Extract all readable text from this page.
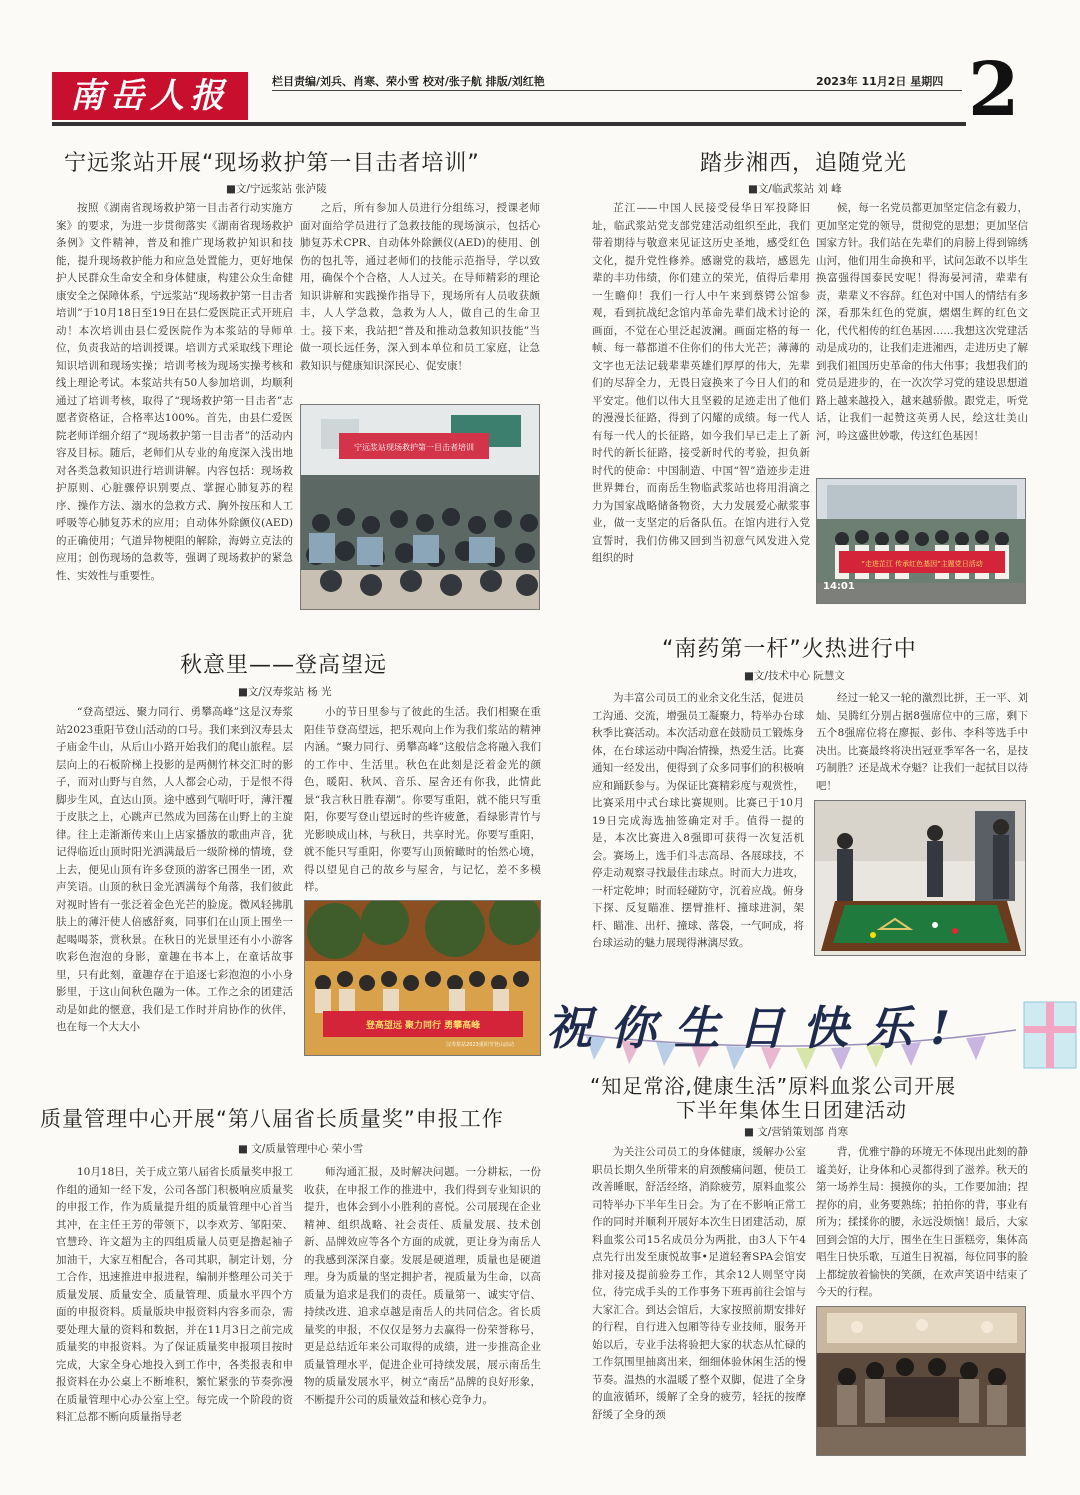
南岳人报	栏目责编/刘兵、肖寒、荣小雪 校对/张子航 排版/刘红艳	2023年 11月2日 星期四 2
宁远浆站开展“现场救护第一目击者培训”
■文/宁远浆站 张泸陵
按照《湖南省现场救护第一目击者行动实施方案》的要求，为进一步贯彻落实《湖南省现场救护条例》文件精神，普及和推广现场救护知识和技能，提升现场救护能力和应急处置能力，更好地保护人民群众生命安全和身体健康，构建公众生命健康安全之保障体系，宁远浆站“现场救护第一目击者培训”于10月18日至19日在县仁爱医院正式开班启动！本次培训由县仁爱医院作为本浆站的导师单位，负责我站的培训授课。培训方式采取线下理论知识培训和现场实操；培训考核为现场实操考核和线上理论考试。本浆站共有50人参加培训，均顺利通过了培训考核，取得了“现场救护第一目击者”志愿者资格证，合格率达100%。首先，由县仁爱医院老师详细介绍了“现场救护第一目击者”的活动内容及目标。随后，老师们从专业的角度深入浅出地对各类急救知识进行培训讲解。内容包括：现场救护原则、心脏骤停识别要点、掌握心肺复苏的程序、操作方法、溺水的急救方式、胸外按压和人工呼吸等心肺复苏术的应用；自动体外除颤仪(AED)的正确使用；气道异物梗阻的解除，海姆立克法的应用；创伤现场的急救等，强调了现场救护的紧急性、实效性与重要性。
之后，所有参加人员进行分组练习，授课老师面对面给学员进行了急救技能的现场演示，包括心肺复苏术CPR、自动体外除颤仪(AED)的使用、创伤的包扎等，通过老师们的技能示范指导，学以致用，确保个个合格，人人过关。在导师精彩的理论知识讲解和实践操作指导下，现场所有人员收获颇丰，人人学急救，急救为人人，做自己的生命卫士。接下来，我站把“普及和推动急救知识技能”当做一项长远任务，深入到本单位和员工家庭，让急救知识与健康知识深民心、促安康！
宁远浆站现场救护第一目击者培训
踏步湘西，追随党光
■文/临武浆站 刘 峰
芷江——中国人民接受侵华日军投降旧址，临武浆站党支部党建活动组织至此，我们带着期待与敬意来见证这历史圣地，感受红色文化，提升党性修养。感谢党的栽培，感恩先辈的丰功伟绩，你们建立的荣光，值得后辈用一生瞻仰！我们一行人中午来到蔡锷公馆参观，看到抗战纪念馆内革命先辈们战术讨论的画面，不觉在心里泛起波澜。画面定格的每一帧、每一幕都道不住你们的伟大光芒；薄薄的文字也无法记载辈辈英雄们厚厚的伟大，先辈们的尽辞全力，无畏日寇换来了今日人们的和平安定。他们以伟大且坚毅的足迹走出了他们的漫漫长征路，得到了闪耀的成绩。每一代人有每一代人的长征路，如今我们早已走上了新时代的新长征路，接受新时代的考验，担负新时代的使命：中国制造、中国“智”造迹步走进世界舞台，而南岳生物临武浆站也将用涓滴之力为国家战略储备物资，大力发展爱心献浆事业，做一支坚定的后备队伍。在馆内进行入党宣誓时，我们仿佛又回到当初意气风发进入党组织的时
候，每一名党员都更加坚定信念有毅力，更加坚定党的领导，贯彻党的思想；更加坚信国家方针。我们站在先辈们的肩膀上得到锦绣山河，他们用生命换和平，试问怎敢不以毕生换富强得国泰民安呢！得海晏河清，辈辈有责，辈辈义不容辞。红色对中国人的情结有多深，看那朱红色的党旗，熠熠生辉的红色文化，代代相传的红色基因……我想这次党建活动是成功的，让我们走进湘西，走进历史了解到我们祖国历史革命的伟大伟事；我想我们的党员是进步的，在一次次学习党的建设思想道路上越来越投入，越来越骄傲。跟党走，听党话，让我们一起赞这英勇人民，绘这壮美山河，吟这盛世妙歌，传这红色基因！
“走进芷江 传承红色基因”主题党日活动
14:01
秋意里——登高望远
■文/汉寿浆站 杨 光
“登高望远、聚力同行、勇攀高峰”这是汉寿浆站2023重阳节登山活动的口号。我们来到汉寿县太子庙金牛山，从后山小路开始我们的爬山旅程。层层向上的石板阶梯上投影的是两侧竹林交汇时的影子，而对山野与自然，人人都会心动，于是恨不得脚步生风，直达山顶。途中感到气喘吁吁，薄汗覆于皮肤之上，心跳声已然成为回荡在山野上的主旋律。往上走渐渐传来山上店家播放的歌曲声音，犹记得临近山顶时阳光洒满最后一级阶梯的情境，登上去，便见山顶有许多登顶的游客已围坐一团，欢声笑语。山顶的秋日金光洒满每个角落，我们彼此对视时皆有一张泛着金色光芒的脸庞。微风轻拂肌肤上的薄汗使人倍感舒爽，同事们在山顶上围坐一起喝喝茶，赏秋景。在秋日的光景里还有小小游客吹彩色泡泡的身影，童趣在书本上，在童话故事里，只有此刻，童趣存在于追逐七彩泡泡的小小身影里，于这山间秋色融为一体。工作之余的团建活动是如此的惬意，我们是工作时并肩协作的伙伴，也在每一个大大小
小的节日里参与了彼此的生活。我们相聚在重阳佳节登高望远，把乐观向上作为我们浆站的精神内涵。“聚力同行、勇攀高峰”这般信念将融入我们的工作中、生活里。秋色在此刻是泛着金光的颜色，暖阳、秋风、音乐、屋舍还有你我，此情此景“我言秋日胜春潮”。你要写重阳，就不能只写重阳，你要写登山望远时的些许疲惫，看绿影青竹与光影映成山林，与秋日，共享时光。你要写重阳，就不能只写重阳，你要写山顶俯瞰时的怡然心境，得以望见自己的故乡与屋舍，与记忆，差不多模样。
登高望远 聚力同行 勇攀高峰
汉寿浆站2023重阳节登山活动
“南药第一杆”火热进行中
■文/技术中心 阮慧文
为丰富公司员工的业余文化生活，促进员工沟通、交流，增强员工凝聚力，特举办台球秋季比赛活动。本次活动意在鼓励员工锻炼身体，在台球运动中陶冶情操，热爱生活。比赛通知一经发出，便得到了众多同事们的积极响应和踊跃参与。为保证比赛精彩度与观赏性，比赛采用中式台球比赛规则。比赛已于10月19日完成海选抽签确定对手。值得一提的是，本次比赛进入8强即可获得一次复活机会。赛场上，选手们斗志高昂、各展球技，不停走动观察寻找最佳击球点。时而大力进攻，一杆定乾坤；时而轻碰防守，沉着应战。俯身下探、反复瞄准、摆臂推杆、撞球进洞，架杆、瞄准、出杆、撞球、落袋，一气呵成，将台球运动的魅力展现得淋漓尽致。
经过一轮又一轮的激烈比拼，王一平、刘灿、吴腾红分别占据8强席位中的三席，剩下五个8强席位将在廖振、彭伟、李科等选手中决出。比赛最终将决出冠亚季军各一名，是技巧制胜？还是战术夺魁？让我们一起拭目以待吧！
祝你生日快乐!
“知足常浴,健康生活”原料血浆公司开展
下半年集体生日团建活动
■ 文/营销策划部 肖寒
为关注公司员工的身体健康，缓解办公室职员长期久坐所带来的肩颈酸痛问题，使员工改善睡眠，舒活经络，消除疲劳，原料血浆公司特举办下半年生日会。为了在不影响正常工作的同时并顺利开展好本次生日团建活动，原料血浆公司15名成员分为两批，由3人下午4点先行出发至康悦故事•足道轻奢SPA会馆安排对接及提前验券工作，其余12人则坚守岗位，待完成手头的工作事务下班再前往会馆与大家汇合。到达会馆后，大家按照前期安排好的行程，自行进入包厢等待专业技师，服务开始以后，专业手法将验把大家的状态从忙碌的工作氛围里抽离出来，细细体验休闲生活的慢节奏。温热的水温暖了整个双脚，促进了全身的血液循环，缓解了全身的疲劳，轻抚的按摩舒缓了全身的颈
背，优雅宁静的环境无不体现出此刻的静谧美好，让身体和心灵都得到了滋养。秋天的第一场养生局：摸摸你的头，工作要加油；捏捏你的肩，业务要熟练；拍拍你的背，事业有所为；揉揉你的腰，永远没烦恼！最后，大家回到会馆的大厅，围坐在生日蛋糕旁，集体高唱生日快乐歌，互道生日祝福，每位同事的脸上都绽放着愉快的笑颜，在欢声笑语中结束了今天的行程。
质量管理中心开展“第八届省长质量奖”申报工作
■ 文/质量管理中心 荣小雪
10月18日，关于成立第八届省长质量奖申报工作组的通知一经下发，公司各部门积极响应质量奖的申报工作，作为质量提升组的质量管理中心首当其冲，在主任王芳的带领下，以李欢芳、邹阳荣、官慧玲、许文超为主的四组质量人员更是撸起袖子加油干，大家互相配合，各司其职，制定计划，分工合作，迅速推进申报进程，编制并整理公司关于质量发展、质量安全、质量管理、质量水平四个方面的申报资料。质量版块申报资料内容多而杂，需要处理大量的资料和数据，并在11月3日之前完成质量奖的申报资料。为了保证质量奖申报项目按时完成，大家全身心地投入到工作中，各类报表和申报资料在办公桌上不断堆积，繁忙紧张的节奏弥漫在质量管理中心办公室上空。每完成一个阶段的资料汇总都不断向质量指导老
师沟通汇报，及时解决问题。一分耕耘，一份收获，在申报工作的推进中，我们得到专业知识的提升，也体会到小小胜利的喜悦。公司展现在企业精神、组织战略、社会责任、质量发展、技术创新、品牌效应等各个方面的成就，更让身为南岳人的我感到深深自豪。发展是硬道理，质量也是硬道理。身为质量的坚定拥护者，视质量为生命，以高质量为追求是我们的责任。质量第一、诚实守信、持续改进、追求卓越是南岳人的共同信念。省长质量奖的申报，不仅仅是努力去赢得一份荣誉称号，更是总结近年来公司取得的成绩，进一步推高企业质量管理水平，促进企业可持续发展，展示南岳生物的质量发展水平，树立“南岳”品牌的良好形象，不断提升公司的质量效益和核心竞争力。
